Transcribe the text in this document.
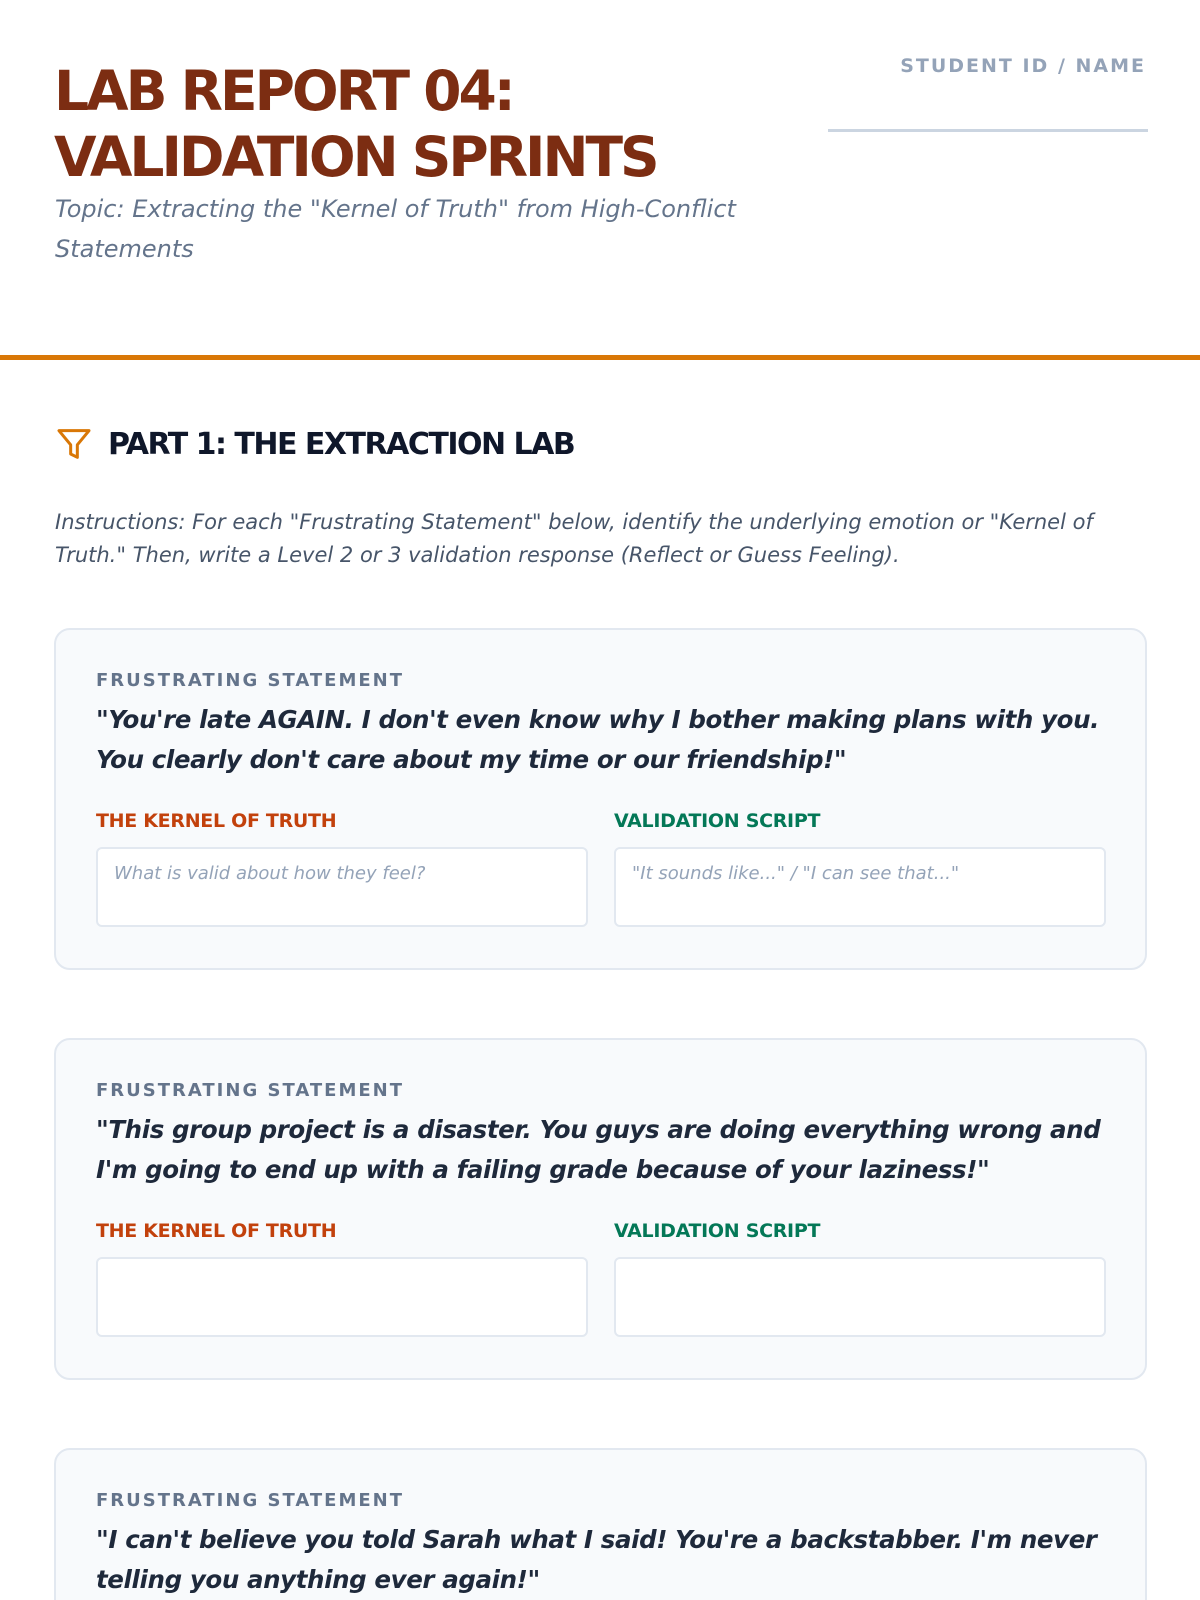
LAB REPORT 04:
VALIDATION SPRINTS

Topic: Extracting the "Kernel of Truth" from High-Conflict Statements

STUDENT ID / NAME
PART 1: THE EXTRACTION LAB

Instructions: For each "Frustrating Statement" below, identify the underlying emotion or "Kernel of Truth." Then, write a Level 2 or 3 validation response (Reflect or Guess Feeling).

FRUSTRATING STATEMENT

"You're late AGAIN. I don't even know why I bother making plans with you. You clearly don't care about my time or our friendship!"

THE KERNEL OF TRUTH	VALIDATION SCRIPT
What is valid about how they feel?
"It sounds like..." / "I can see that..."
FRUSTRATING STATEMENT

"This group project is a disaster. You guys are doing everything wrong and I'm going to end up with a failing grade because of your laziness!"

THE KERNEL OF TRUTH	VALIDATION SCRIPT
FRUSTRATING STATEMENT

"I can't believe you told Sarah what I said! You're a backstabber. I'm never telling you anything ever again!"
